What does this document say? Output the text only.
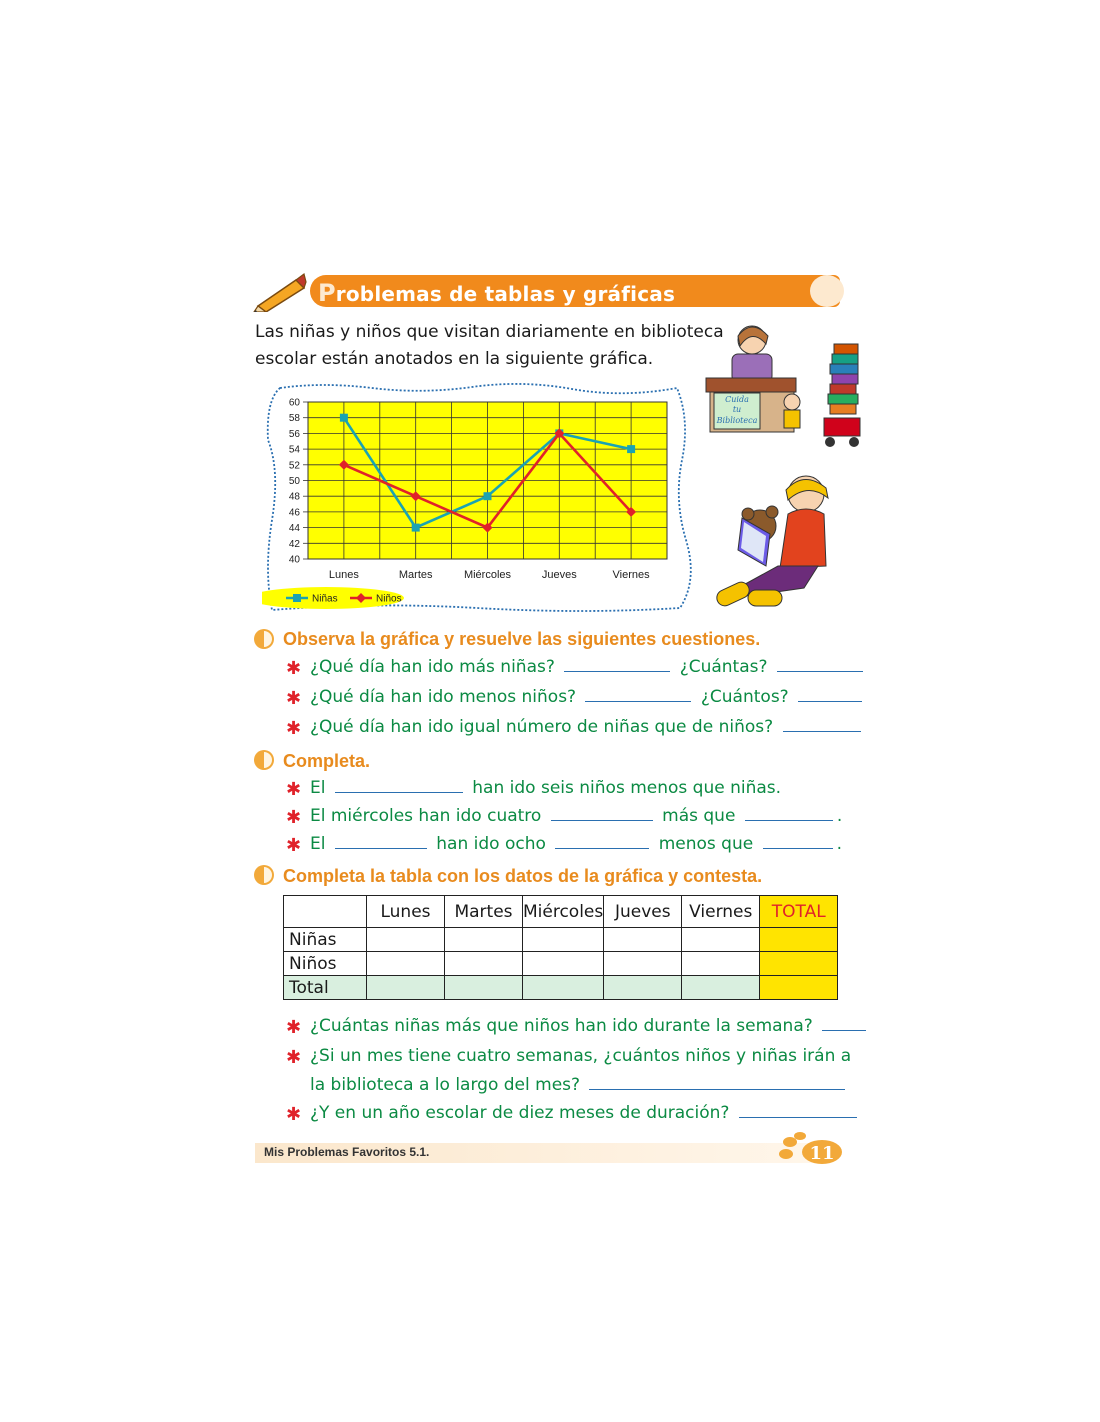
Problemas de tablas y gráficas
Las niñas y niños que visitan diariamente en biblioteca
escolar están anotados en la siguiente gráfica.
60
58
56
54
52
50
48
46
44
42
40
Lunes	Martes	Miércoles	Jueves	Viernes
Niñas	Niños
Cuida
tu
Biblioteca
Observa la gráfica y resuelve las siguientes cuestiones.
✱ ¿Qué día han ido más niñas?	¿Cuántas?
✱ ¿Qué día han ido menos niños?	¿Cuántos?
✱ ¿Qué día han ido igual número de niñas que de niños?
Completa.
✱ El	han ido seis niños menos que niñas.
✱ El miércoles han ido cuatro	más que	.
✱ El	han ido ocho	menos que	.
Completa la tabla con los datos de la gráfica y contesta.
	Lunes	Martes	Miércoles	Jueves	Viernes	TOTAL
Niñas						
Niños						
Total						
✱ ¿Cuántas niñas más que niños han ido durante la semana?
✱ ¿Si un mes tiene cuatro semanas, ¿cuántos niños y niñas irán a
la biblioteca a lo largo del mes?
✱ ¿Y en un año escolar de diez meses de duración?
Mis Problemas Favoritos 5.1.	11
